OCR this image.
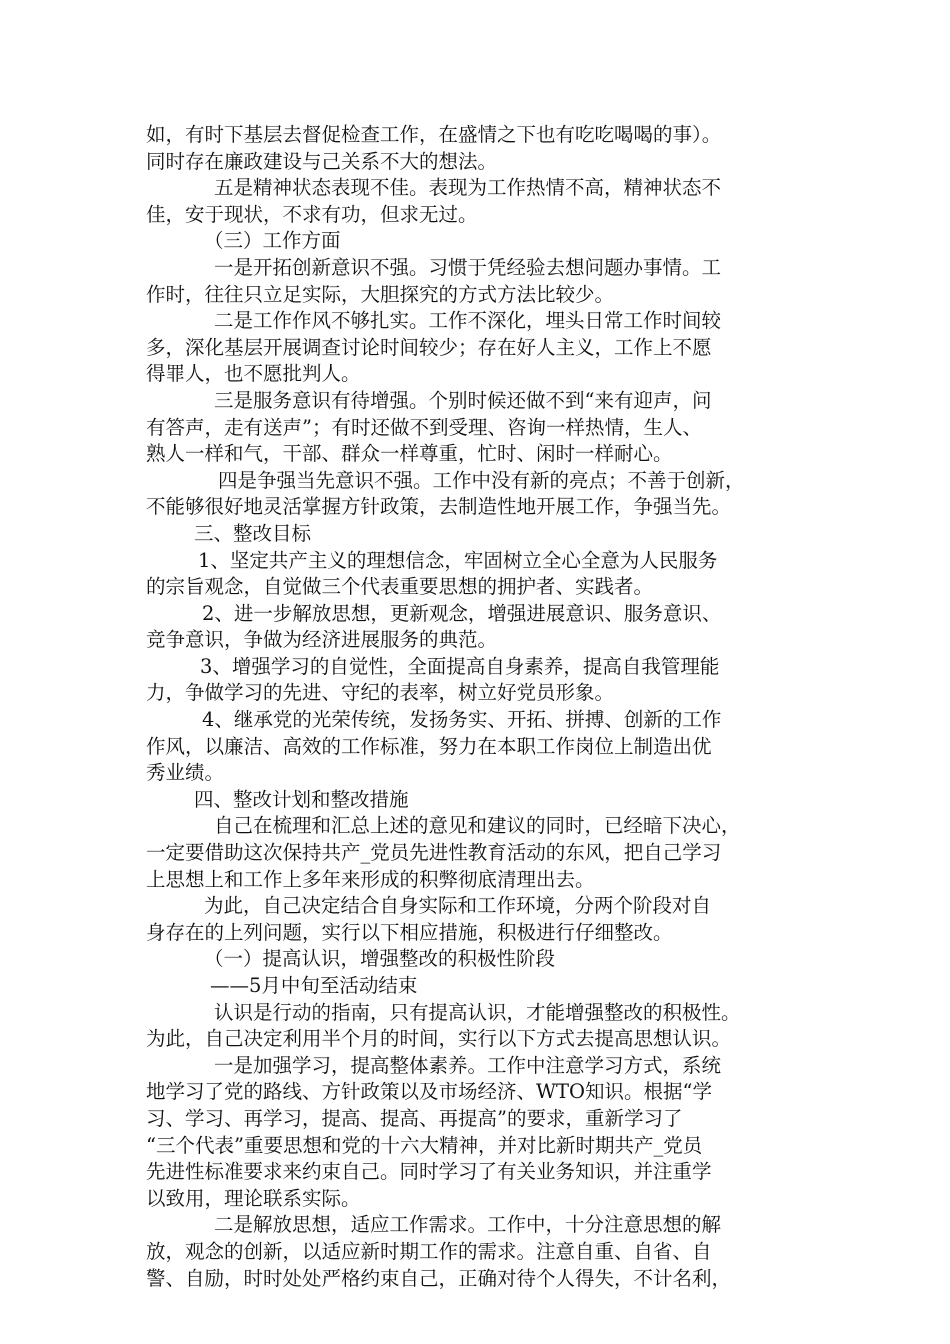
如，有时下基层去督促检查工作，在盛情之下也有吃吃喝喝的事）。
同时存在廉政建设与己关系不大的想法。
五是精神状态表现不佳。表现为工作热情不高，精神状态不
佳，安于现状，不求有功，但求无过。
（三）工作方面
一是开拓创新意识不强。习惯于凭经验去想问题办事情。工
作时，往往只立足实际，大胆探究的方式方法比较少。
二是工作作风不够扎实。工作不深化，埋头日常工作时间较
多，深化基层开展调查讨论时间较少；存在好人主义，工作上不愿
得罪人，也不愿批判人。
三是服务意识有待增强。个别时候还做不到“来有迎声，问
有答声，走有送声”；有时还做不到受理、咨询一样热情，生人、
熟人一样和气，干部、群众一样尊重，忙时、闲时一样耐心。
四是争强当先意识不强。工作中没有新的亮点；不善于创新，
不能够很好地灵活掌握方针政策，去制造性地开展工作，争强当先。
三、整改目标
1、坚定共产主义的理想信念，牢固树立全心全意为人民服务
的宗旨观念，自觉做三个代表重要思想的拥护者、实践者。
2、进一步解放思想，更新观念，增强进展意识、服务意识、
竞争意识，争做为经济进展服务的典范。
3、增强学习的自觉性，全面提高自身素养，提高自我管理能
力，争做学习的先进、守纪的表率，树立好党员形象。
4、继承党的光荣传统，发扬务实、开拓、拼搏、创新的工作
作风，以廉洁、高效的工作标准，努力在本职工作岗位上制造出优
秀业绩。
四、整改计划和整改措施
自己在梳理和汇总上述的意见和建议的同时，已经暗下决心，
一定要借助这次保持共产_党员先进性教育活动的东风，把自己学习
上思想上和工作上多年来形成的积弊彻底清理出去。
为此，自己决定结合自身实际和工作环境，分两个阶段对自
身存在的上列问题，实行以下相应措施，积极进行仔细整改。
（一）提高认识，增强整改的积极性阶段
——5月中旬至活动结束
认识是行动的指南，只有提高认识，才能增强整改的积极性。
为此，自己决定利用半个月的时间，实行以下方式去提高思想认识。
一是加强学习，提高整体素养。工作中注意学习方式，系统
地学习了党的路线、方针政策以及市场经济、WTO知识。根据“学
习、学习、再学习，提高、提高、再提高”的要求，重新学习了
“三个代表”重要思想和党的十六大精神，并对比新时期共产_党员
先进性标准要求来约束自己。同时学习了有关业务知识，并注重学
以致用，理论联系实际。
二是解放思想，适应工作需求。工作中，十分注意思想的解
放，观念的创新，以适应新时期工作的需求。注意自重、自省、自
警、自励，时时处处严格约束自己，正确对待个人得失，不计名利，
